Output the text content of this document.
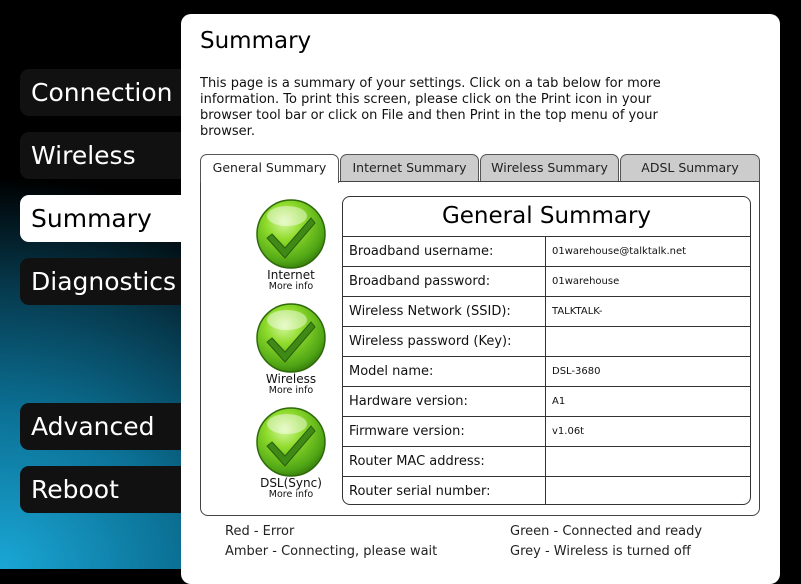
Connection
Wireless
Summary
Diagnostics
Advanced
Reboot
Summary
This page is a summary of your settings. Click on a tab below for more information. To print this screen, please click on the Print icon in your browser tool bar or click on File and then Print in the top menu of your browser.
General Summary	Internet Summary	Wireless Summary	ADSL Summary
Internet
More info
Wireless
More info
DSL(Sync)
More info
General Summary
Broadband username:	01warehouse@talktalk.net
Broadband password:	01warehouse
Wireless Network (SSID):	TALKTALK-
Wireless password (Key):
Model name:	DSL-3680
Hardware version:	A1
Firmware version:	v1.06t
Router MAC address:
Router serial number:
Red - Error
Amber - Connecting, please wait
Green - Connected and ready
Grey - Wireless is turned off
